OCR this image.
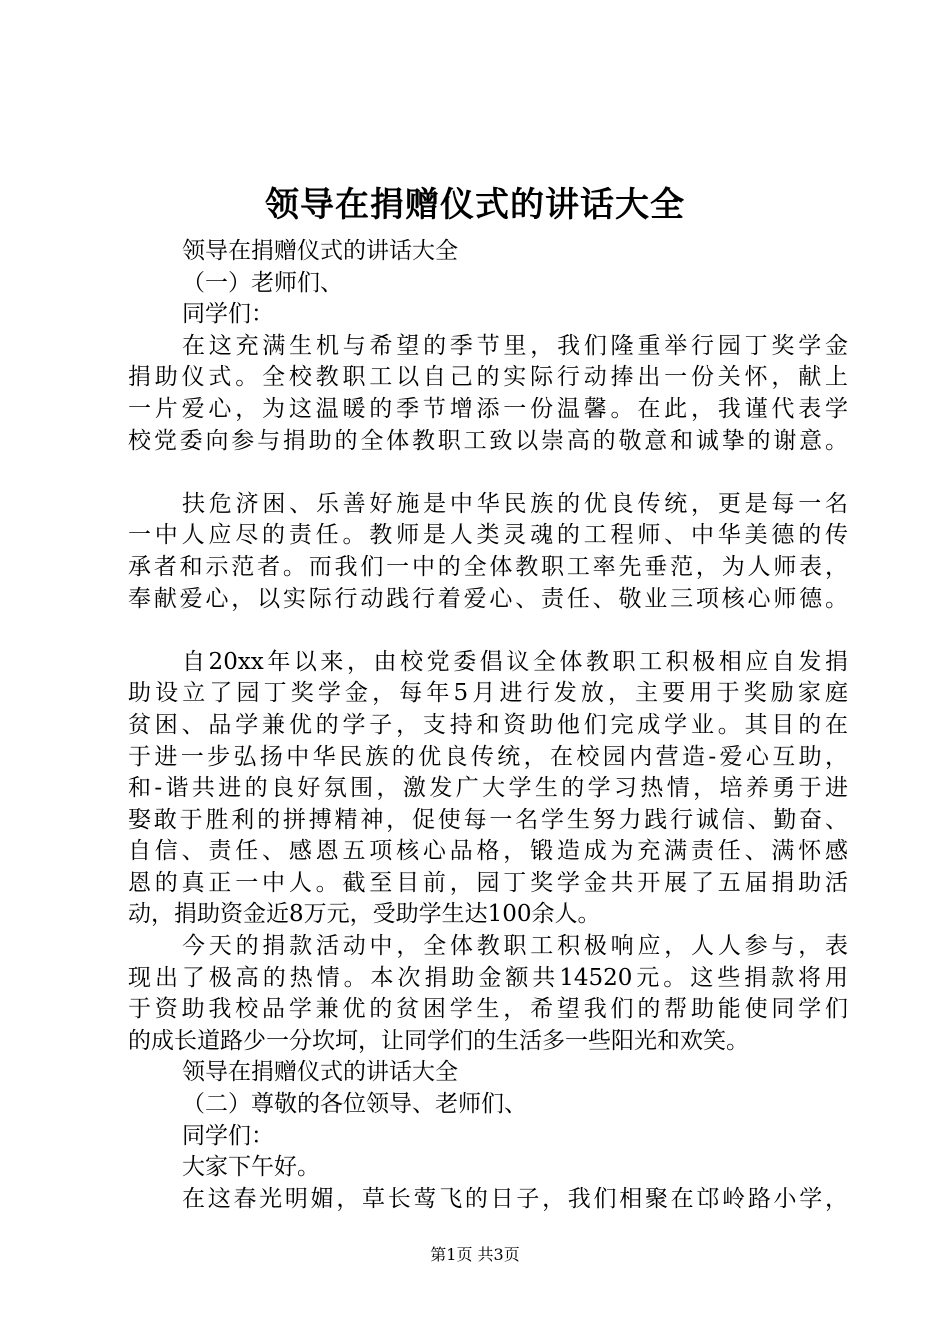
领导在捐赠仪式的讲话大全
领导在捐赠仪式的讲话大全
（一）老师们、
同学们：
在这充满生机与希望的季节里，我们隆重举行园丁奖学金
捐助仪式。全校教职工以自己的实际行动捧出一份关怀，献上
一片爱心，为这温暖的季节增添一份温馨。在此，我谨代表学
校党委向参与捐助的全体教职工致以崇高的敬意和诚挚的谢意。
扶危济困、乐善好施是中华民族的优良传统，更是每一名
一中人应尽的责任。教师是人类灵魂的工程师、中华美德的传
承者和示范者。而我们一中的全体教职工率先垂范，为人师表，
奉献爱心，以实际行动践行着爱心、责任、敬业三项核心师德。
自20xx年以来，由校党委倡议全体教职工积极相应自发捐
助设立了园丁奖学金，每年5月进行发放，主要用于奖励家庭
贫困、品学兼优的学子，支持和资助他们完成学业。其目的在
于进一步弘扬中华民族的优良传统，在校园内营造-爱心互助，
和-谐共进的良好氛围，激发广大学生的学习热情，培养勇于进
娶敢于胜利的拼搏精神，促使每一名学生努力践行诚信、勤奋、
自信、责任、感恩五项核心品格，锻造成为充满责任、满怀感
恩的真正一中人。截至目前，园丁奖学金共开展了五届捐助活
动，捐助资金近8万元，受助学生达100余人。
今天的捐款活动中，全体教职工积极响应，人人参与，表
现出了极高的热情。本次捐助金额共14520元。这些捐款将用
于资助我校品学兼优的贫困学生，希望我们的帮助能使同学们
的成长道路少一分坎坷，让同学们的生活多一些阳光和欢笑。
领导在捐赠仪式的讲话大全
（二）尊敬的各位领导、老师们、
同学们：
大家下午好。
在这春光明媚，草长莺飞的日子，我们相聚在邙岭路小学，
第1页 共3页
